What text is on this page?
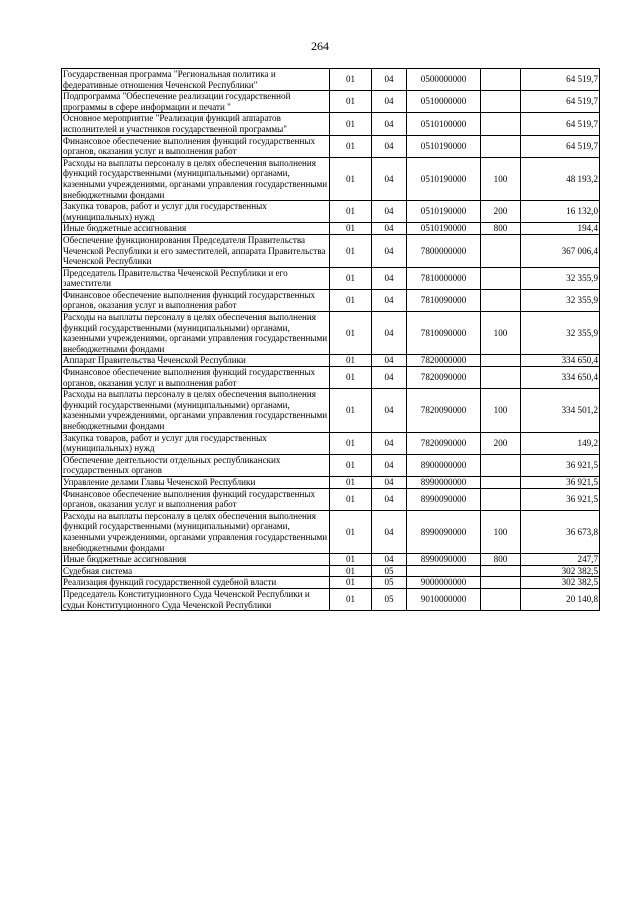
264
Государственная программа "Региональная политика и федеративные отношения Чеченской Республики"	01	04	0500000000		64 519,7
Подпрограмма "Обеспечение реализации государственной программы в сфере информации и печати "	01	04	0510000000		64 519,7
Основное мероприятие "Реализация функций аппаратов исполнителей и участников государственной программы"	01	04	0510100000		64 519,7
Финансовое обеспечение выполнения функций государственных органов, оказания услуг и выполнения работ	01	04	0510190000		64 519,7
Расходы на выплаты персоналу в целях обеспечения выполнения функций государственными (муниципальными) органами, казенными учреждениями, органами управления государственными внебюджетными фондами	01	04	0510190000	100	48 193,2
Закупка товаров, работ и услуг для государственных (муниципальных) нужд	01	04	0510190000	200	16 132,0
Иные бюджетные ассигнования	01	04	0510190000	800	194,4
Обеспечение функционирования Председателя Правительства Чеченской Республики и его заместителей, аппарата Правительства Чеченской Республики	01	04	7800000000		367 006,4
Председатель Правительства Чеченской Республики и его заместители	01	04	7810000000		32 355,9
Финансовое обеспечение выполнения функций государственных органов, оказания услуг и выполнения работ	01	04	7810090000		32 355,9
Расходы на выплаты персоналу в целях обеспечения выполнения функций государственными (муниципальными) органами, казенными учреждениями, органами управления государственными внебюджетными фондами	01	04	7810090000	100	32 355,9
Аппарат Правительства Чеченской Республики	01	04	7820000000		334 650,4
Финансовое обеспечение выполнения функций государственных органов, оказания услуг и выполнения работ	01	04	7820090000		334 650,4
Расходы на выплаты персоналу в целях обеспечения выполнения функций государственными (муниципальными) органами, казенными учреждениями, органами управления государственными внебюджетными фондами	01	04	7820090000	100	334 501,2
Закупка товаров, работ и услуг для государственных (муниципальных) нужд	01	04	7820090000	200	149,2
Обеспечение деятельности отдельных республиканских государственных органов	01	04	8900000000		36 921,5
Управление делами Главы Чеченской Республики	01	04	8990000000		36 921,5
Финансовое обеспечение выполнения функций государственных органов, оказания услуг и выполнения работ	01	04	8990090000		36 921,5
Расходы на выплаты персоналу в целях обеспечения выполнения функций государственными (муниципальными) органами, казенными учреждениями, органами управления государственными внебюджетными фондами	01	04	8990090000	100	36 673,8
Иные бюджетные ассигнования	01	04	8990090000	800	247,7
Судебная система	01	05			302 382,5
Реализация функций государственной судебной власти	01	05	9000000000		302 382,5
Председатель Конституционного Суда Чеченской Республики и судьи Конституционного Суда Чеченской Республики	01	05	9010000000		20 140,8
